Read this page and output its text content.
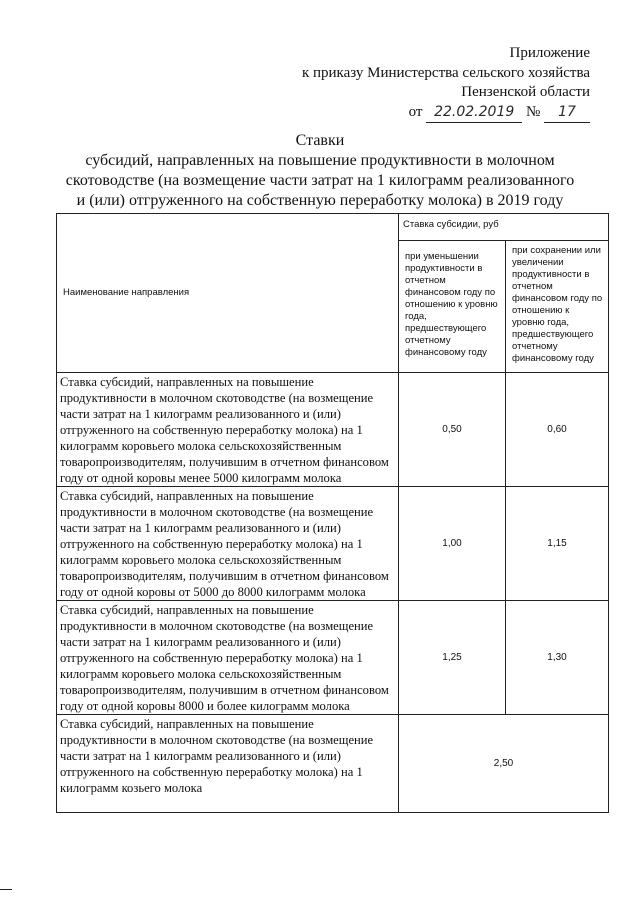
Приложение
к приказу Министерства сельского хозяйства
Пензенской области
от 22.02.2019 № 17
Ставки
субсидий, направленных на повышение продуктивности в молочном скотоводстве (на возмещение части затрат на 1 килограмм реализованного и (или) отгруженного на собственную переработку молока) в 2019 году
Наименование направления	Ставка субсидии, руб	
	при уменьшении продуктивности в отчетном финансовом году по отношению к уровню года, предшествующего отчетному финансовому году	при сохранении или увеличении продуктивности в отчетном финансовом году по отношению к уровню года, предшествующего отчетному финансовому году
Ставка субсидий, направленных на повышение продуктивности в молочном скотоводстве (на возмещение части затрат на 1 килограмм реализованного и (или) отгруженного на собственную переработку молока) на 1 килограмм коровьего молока сельскохозяйственным товаропроизводителям, получившим в отчетном финансовом году от одной коровы менее 5000 килограмм молока	0,50	0,60
Ставка субсидий, направленных на повышение продуктивности в молочном скотоводстве (на возмещение части затрат на 1 килограмм реализованного и (или) отгруженного на собственную переработку молока) на 1 килограмм коровьего молока сельскохозяйственным товаропроизводителям, получившим в отчетном финансовом году от одной коровы от 5000 до 8000 килограмм молока	1,00	1,15
Ставка субсидий, направленных на повышение продуктивности в молочном скотоводстве (на возмещение части затрат на 1 килограмм реализованного и (или) отгруженного на собственную переработку молока) на 1 килограмм коровьего молока сельскохозяйственным товаропроизводителям, получившим в отчетном финансовом году от одной коровы 8000 и более килограмм молока	1,25	1,30
Ставка субсидий, направленных на повышение продуктивности в молочном скотоводстве (на возмещение части затрат на 1 килограмм реализованного и (или) отгруженного на собственную переработку молока) на 1 килограмм козьего молока	2,50	
